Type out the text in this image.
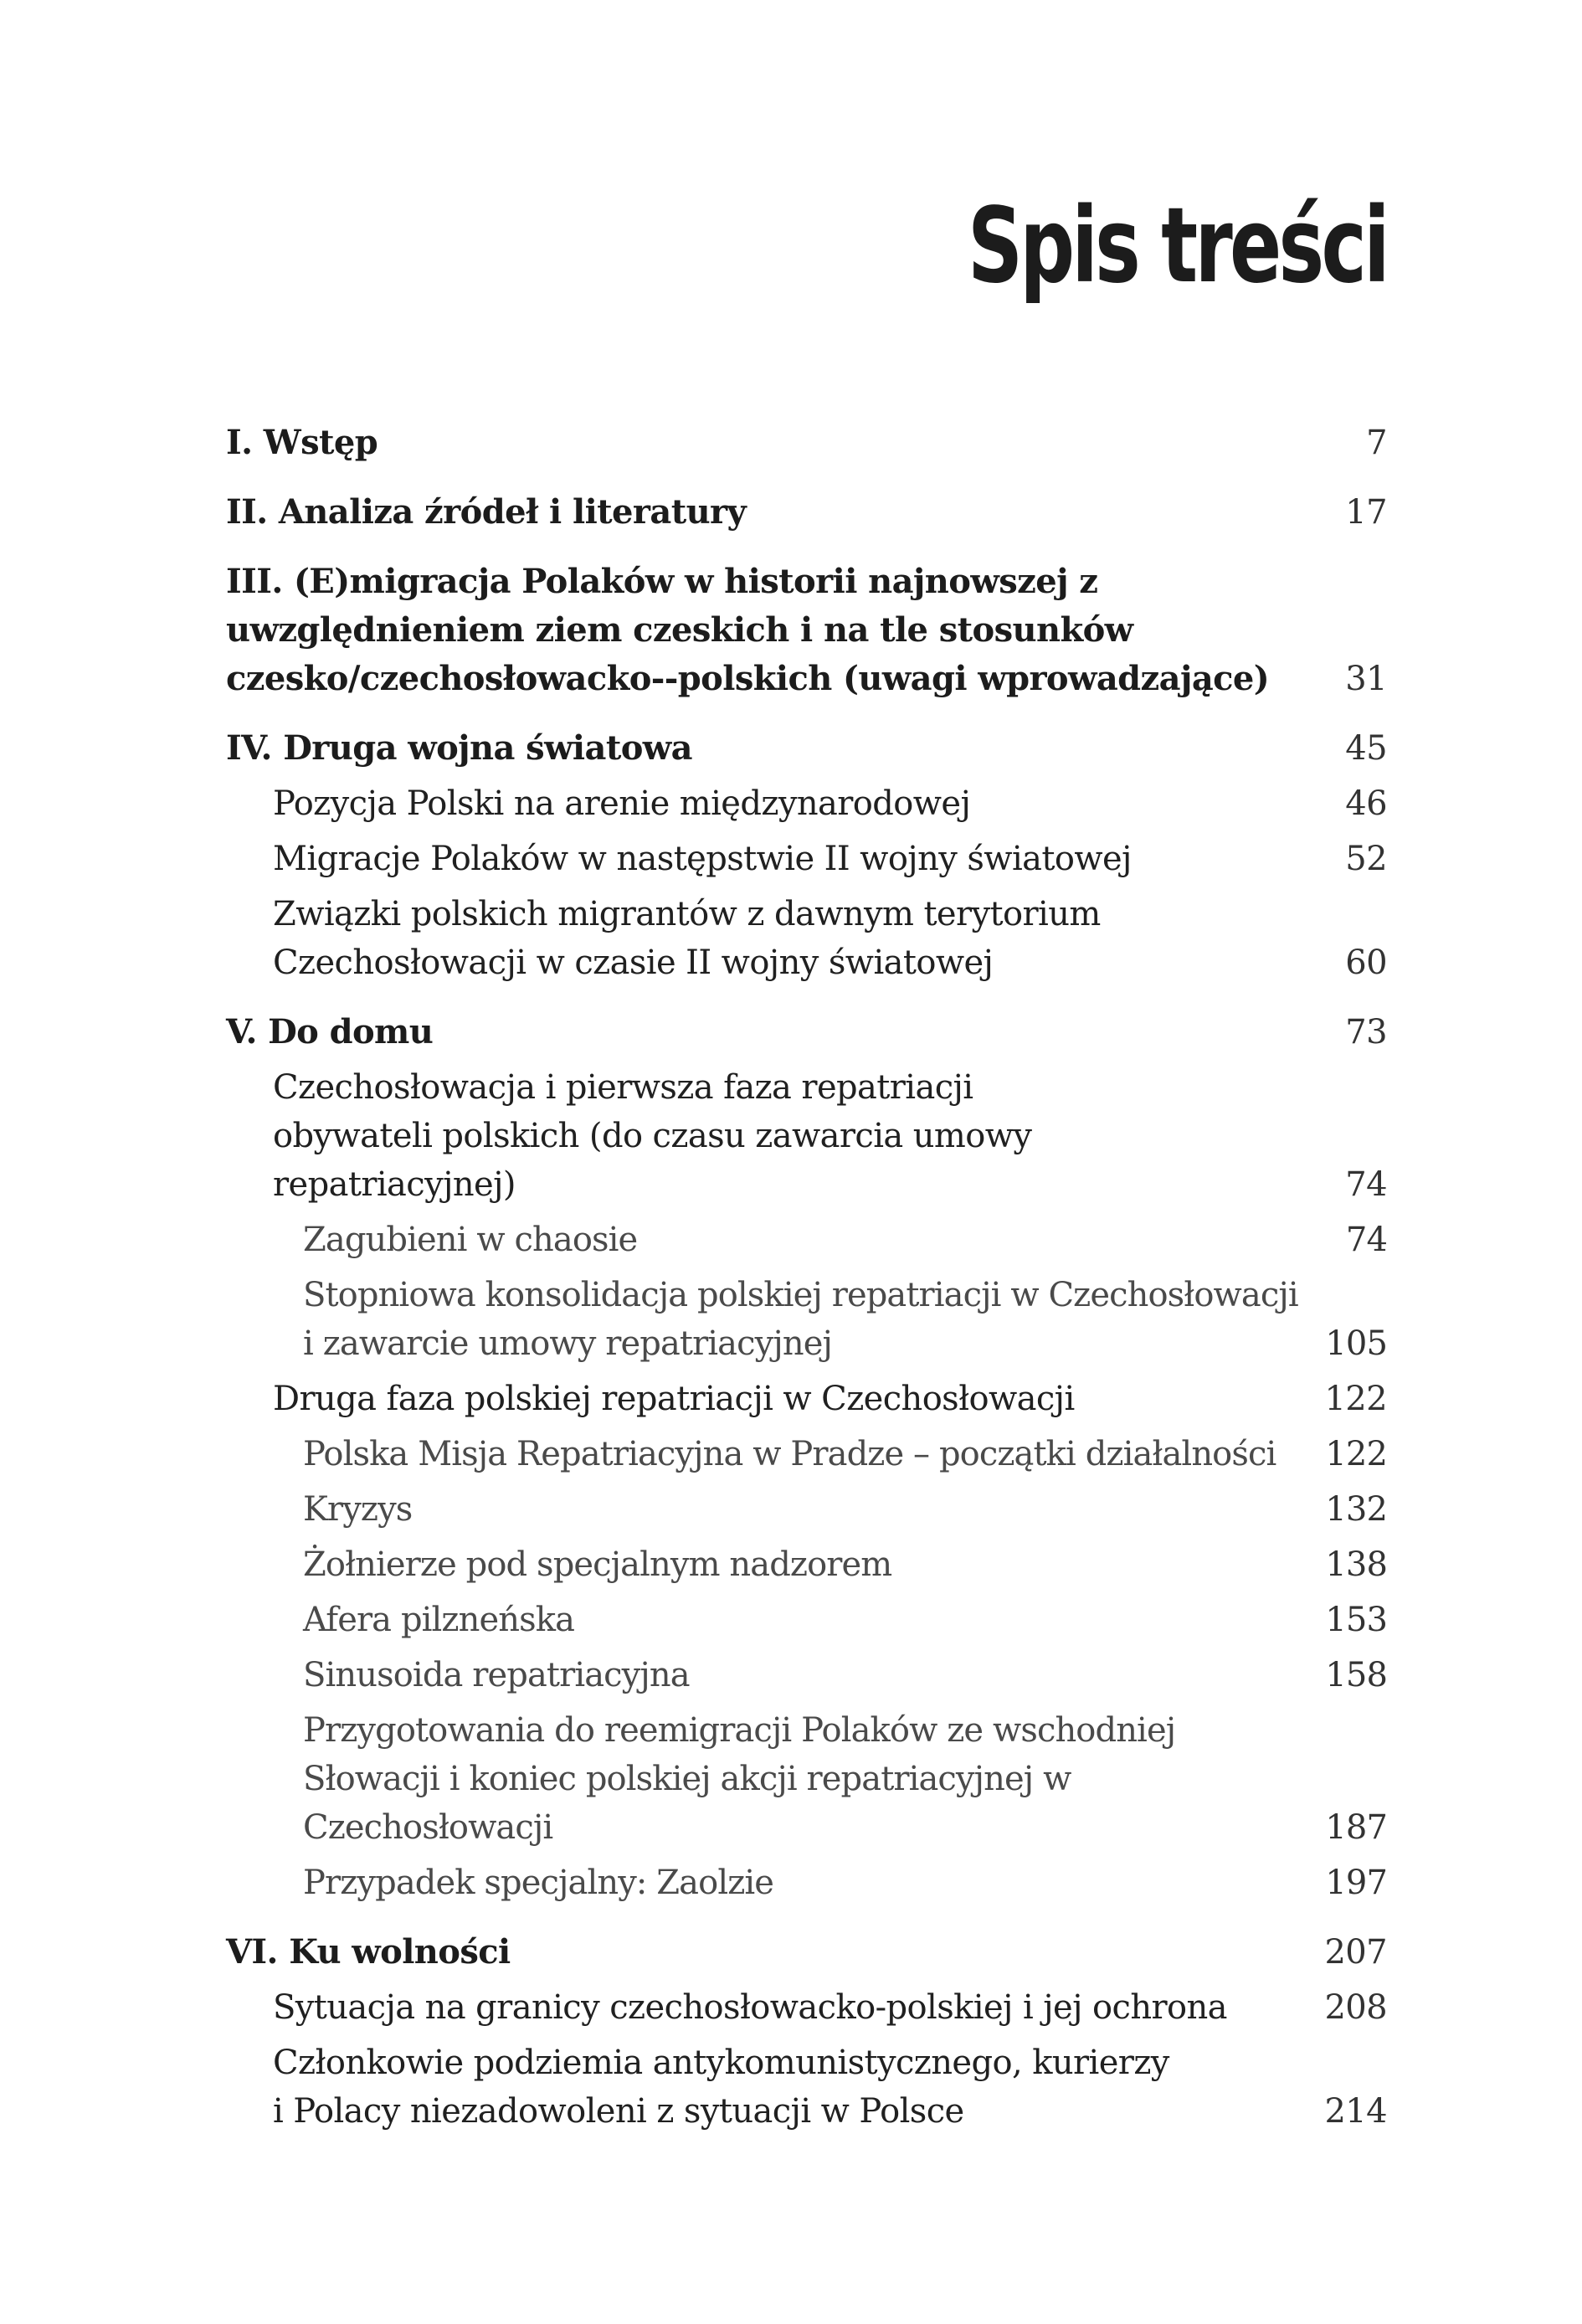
Spis treści
I. Wstęp	7
II. Analiza źródeł i literatury	17
III. (E)migracja Polaków w historii najnowszej z uwzględnieniem ziem czeskich i na tle stosunków czesko/czechosłowacko--polskich (uwagi wprowadzające)	31
IV. Druga wojna światowa	45
Pozycja Polski na arenie międzynarodowej	46
Migracje Polaków w następstwie II wojny światowej	52
Związki polskich migrantów z dawnym terytorium Czechosłowacji w czasie II wojny światowej	60
V. Do domu	73
Czechosłowacja i pierwsza faza repatriacji obywateli polskich (do czasu zawarcia umowy repatriacyjnej)	74
Zagubieni w chaosie	74
Stopniowa konsolidacja polskiej repatriacji w Czechosłowacji i zawarcie umowy repatriacyjnej	105
Druga faza polskiej repatriacji w Czechosłowacji	122
Polska Misja Repatriacyjna w Pradze – początki działalności	122
Kryzys	132
Żołnierze pod specjalnym nadzorem	138
Afera pilzneńska	153
Sinusoida repatriacyjna	158
Przygotowania do reemigracji Polaków ze wschodniej Słowacji i koniec polskiej akcji repatriacyjnej w Czechosłowacji	187
Przypadek specjalny: Zaolzie	197
VI. Ku wolności	207
Sytuacja na granicy czechosłowacko-polskiej i jej ochrona	208
Członkowie podziemia antykomunistycznego, kurierzy i Polacy niezadowoleni z sytuacji w Polsce	214
